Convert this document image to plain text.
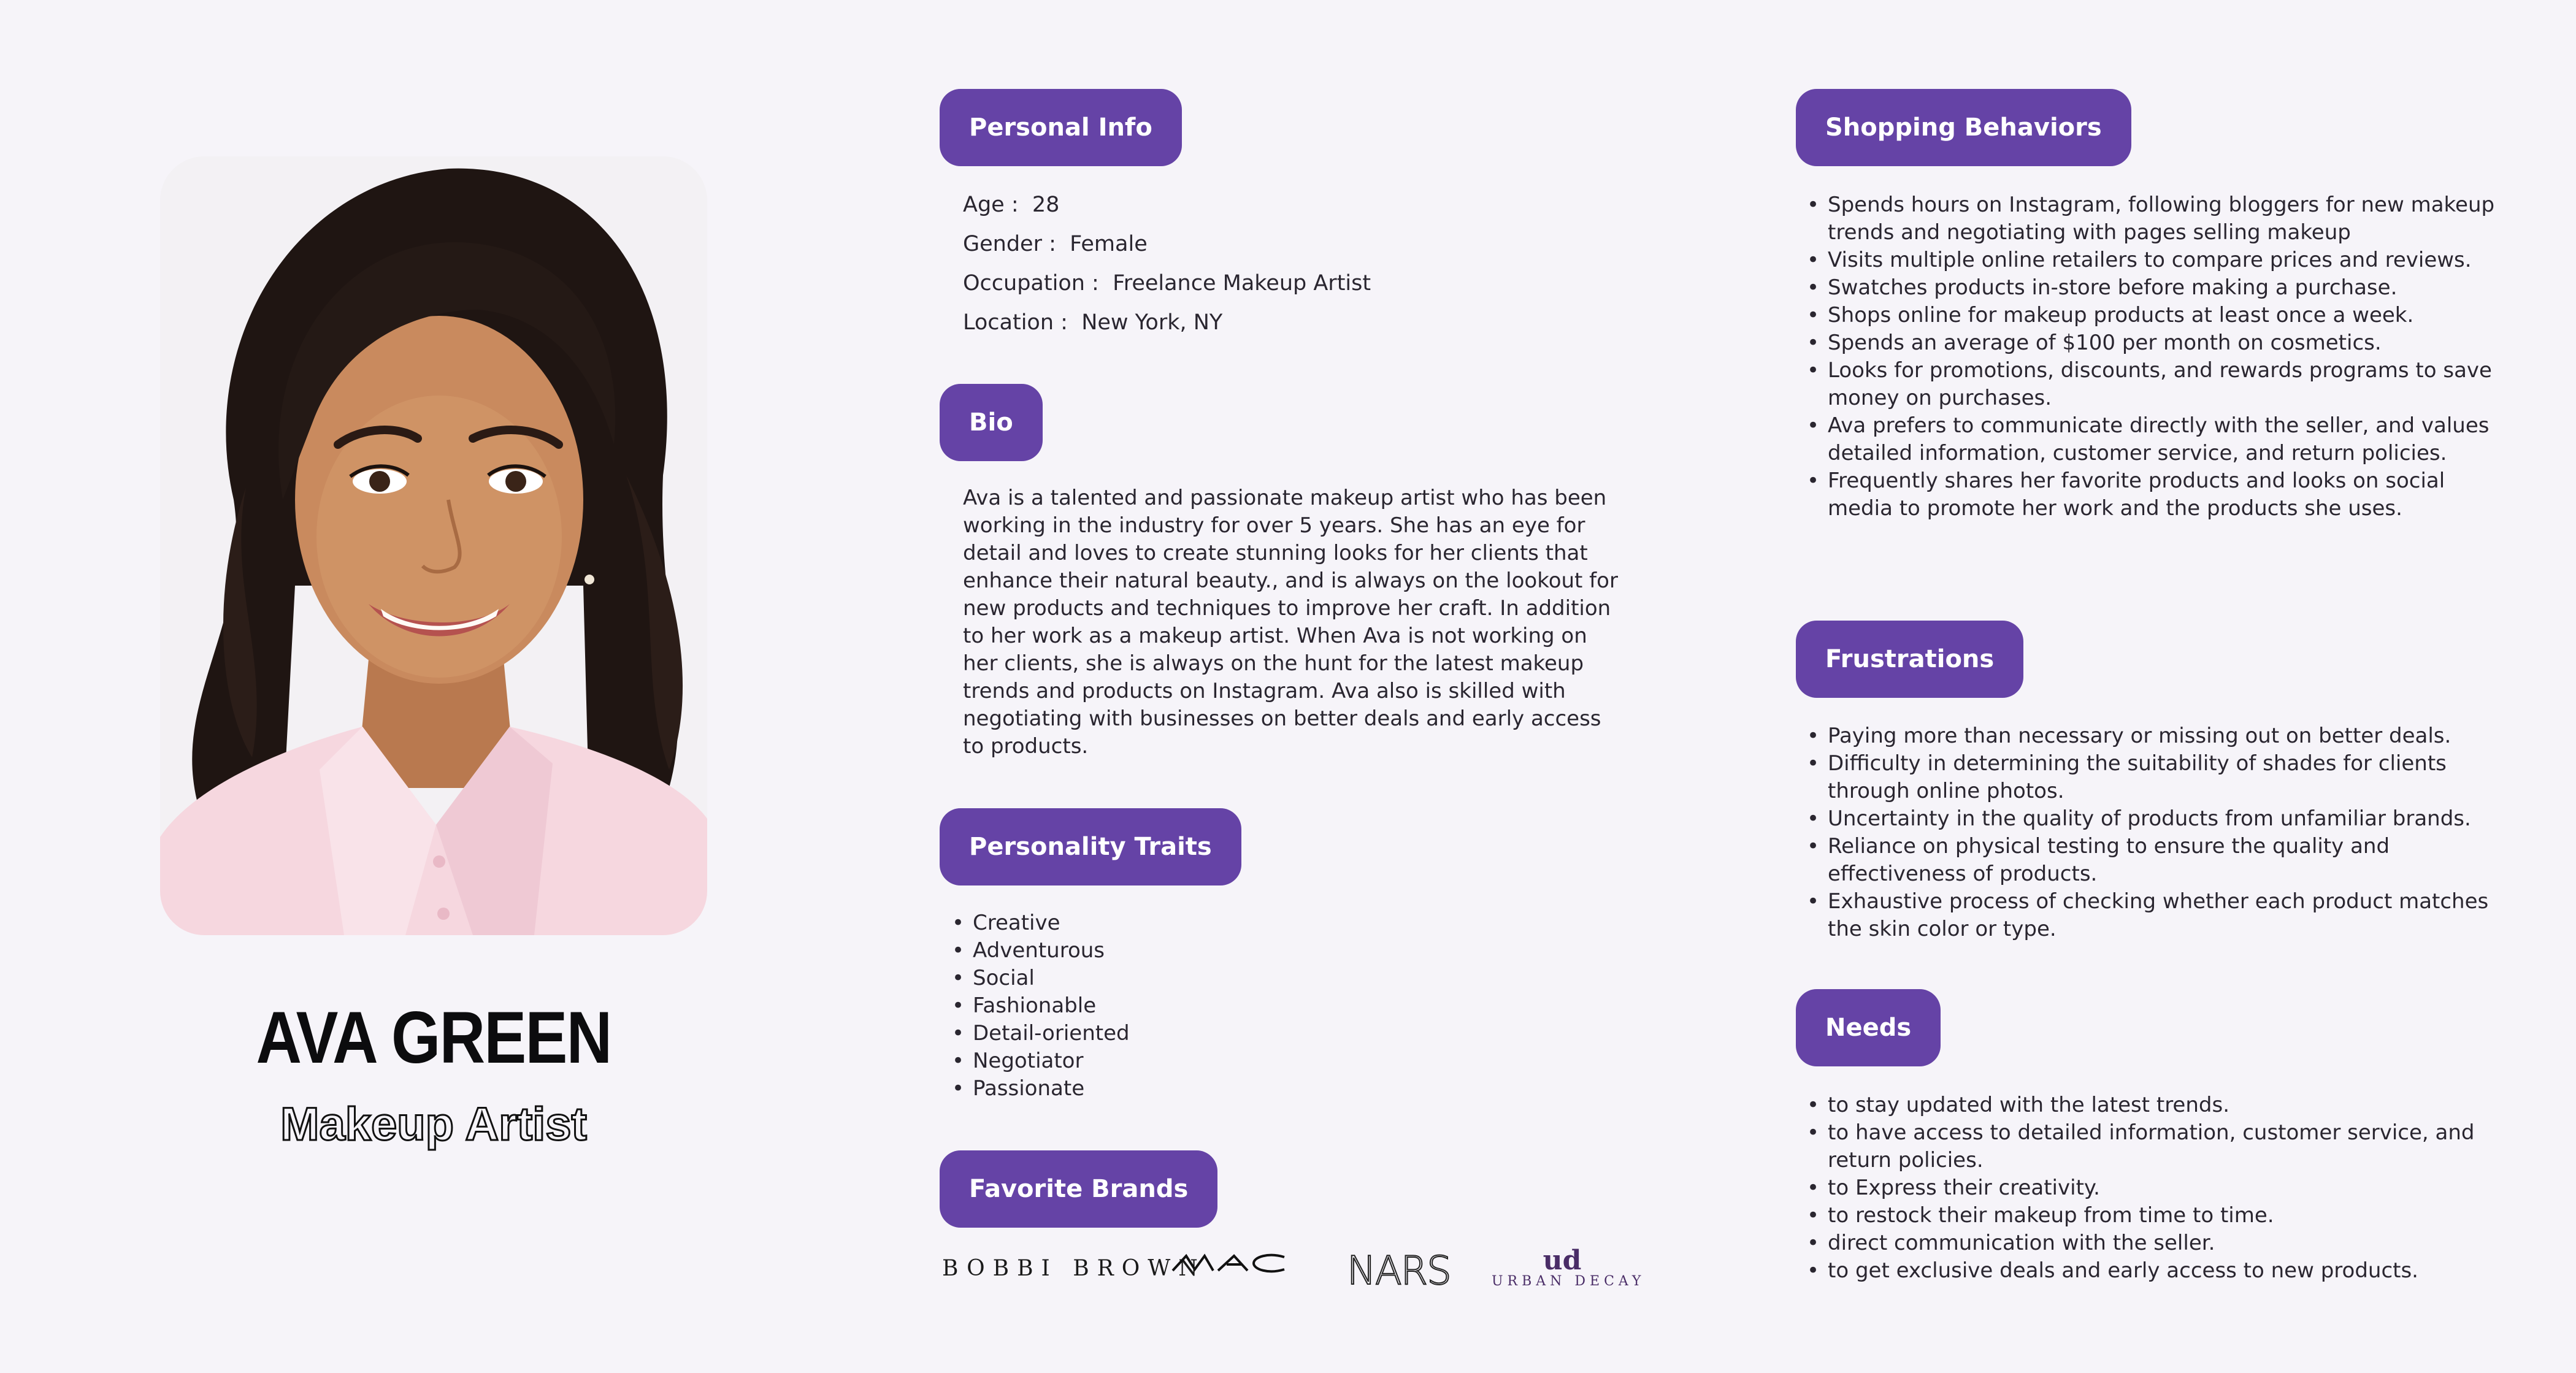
AVA GREEN
Makeup Artist
Personal Info
Age : 28
Gender : Female
Occupation : Freelance Makeup Artist
Location : New York, NY
Bio
Ava is a talented and passionate makeup artist who has been working in the industry for over 5 years. She has an eye for detail and loves to create stunning looks for her clients that enhance their natural beauty., and is always on the lookout for new products and techniques to improve her craft. In addition to her work as a makeup artist. When Ava is not working on her clients, she is always on the hunt for the latest makeup trends and products on Instagram. Ava also is skilled with negotiating with businesses on better deals and early access to products.
Personality Traits
• Creative
• Adventurous
• Social
• Fashionable
• Detail-oriented
• Negotiator
• Passionate
Favorite Brands
BOBBI BROWN	NARS	ud
URBAN DECAY
Shopping Behaviors
• Spends hours on Instagram, following bloggers for new makeup trends and negotiating with pages selling makeup
• Visits multiple online retailers to compare prices and reviews.
• Swatches products in-store before making a purchase.
• Shops online for makeup products at least once a week.
• Spends an average of $100 per month on cosmetics.
• Looks for promotions, discounts, and rewards programs to save money on purchases.
• Ava prefers to communicate directly with the seller, and values detailed information, customer service, and return policies.
• Frequently shares her favorite products and looks on social media to promote her work and the products she uses.
Frustrations
• Paying more than necessary or missing out on better deals.
• Difficulty in determining the suitability of shades for clients through online photos.
• Uncertainty in the quality of products from unfamiliar brands.
• Reliance on physical testing to ensure the quality and effectiveness of products.
• Exhaustive process of checking whether each product matches the skin color or type.
Needs
• to stay updated with the latest trends.
• to have access to detailed information, customer service, and return policies.
• to Express their creativity.
• to restock their makeup from time to time.
• direct communication with the seller.
• to get exclusive deals and early access to new products.
